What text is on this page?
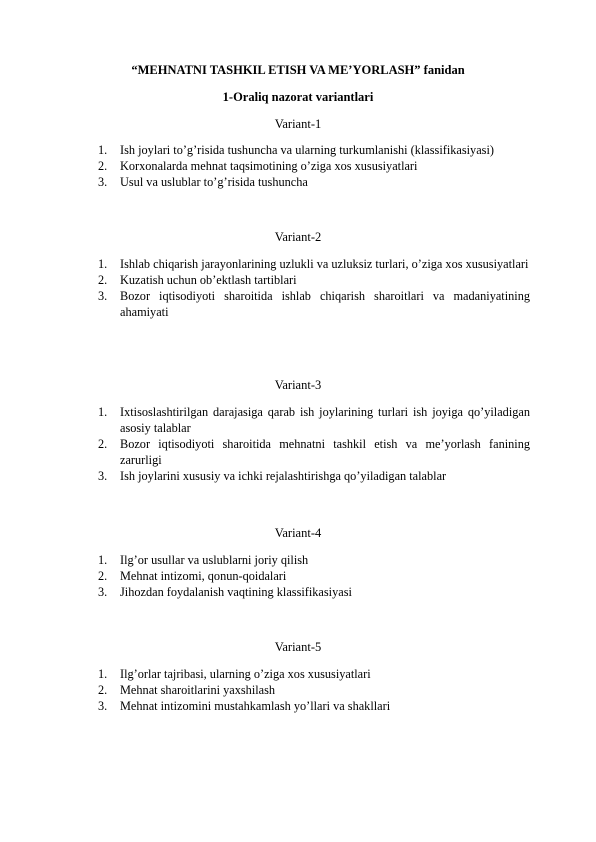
“MEHNATNI TASHKIL ETISH VA ME’YORLASH” fanidan
1-Oraliq nazorat variantlari
Variant-1
1. Ish joylari to’g’risida tushuncha va ularning turkumlanishi (klassifikasiyasi)
2. Korxonalarda mehnat taqsimotining o’ziga xos xususiyatlari
3. Usul va uslublar to’g’risida tushuncha
Variant-2
1. Ishlab chiqarish jarayonlarining uzlukli va uzluksiz turlari, o’ziga xos xususiyatlari
2. Kuzatish uchun ob’ektlash tartiblari
3. Bozor iqtisodiyoti sharoitida ishlab chiqarish sharoitlari va madaniyatining ahamiyati
Variant-3
1. Ixtisoslashtirilgan darajasiga qarab ish joylarining turlari ish joyiga qo’yiladigan asosiy talablar
2. Bozor iqtisodiyoti sharoitida mehnatni tashkil etish va me’yorlash fanining zarurligi
3. Ish joylarini xususiy va ichki rejalashtirishga qo’yiladigan talablar
Variant-4
1. Ilg’or usullar va uslublarni joriy qilish
2. Mehnat intizomi, qonun-qoidalari
3. Jihozdan foydalanish vaqtining klassifikasiyasi
Variant-5
1. Ilg’orlar tajribasi, ularning o’ziga xos xususiyatlari
2. Mehnat sharoitlarini yaxshilash
3. Mehnat intizomini mustahkamlash yo’llari va shakllari
